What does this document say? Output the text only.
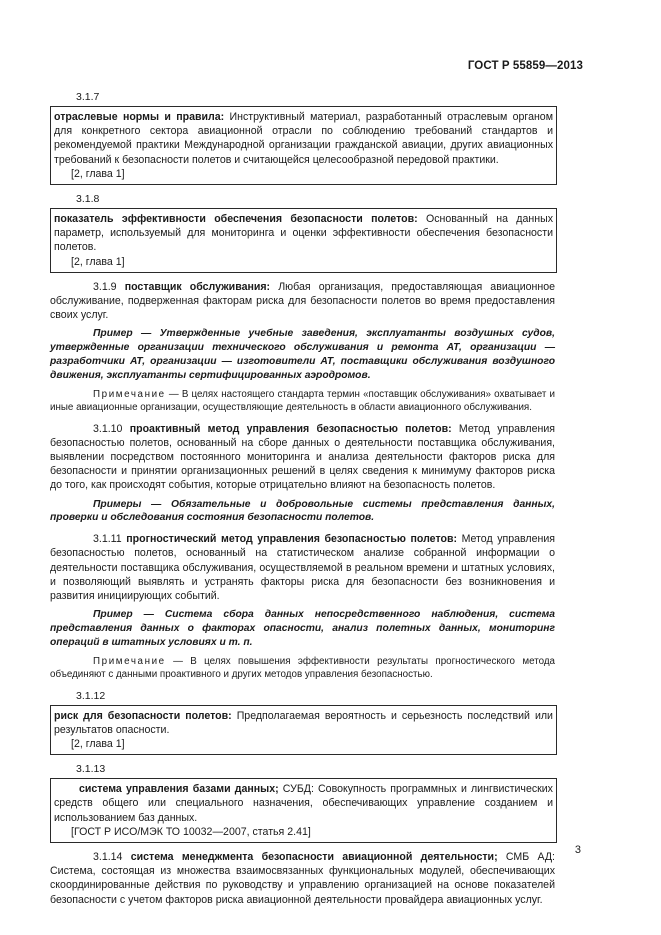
ГОСТ Р 55859—2013
3.1.7
отраслевые нормы и правила: Инструктивный материал, разработанный отраслевым органом для конкретного сектора авиационной отрасли по соблюдению требований стандартов и рекомендуемой практики Международной организации гражданской авиации, других авиационных требований к безопасности полетов и считающейся целесообразной передовой практики.
[2, глава 1]
3.1.8
показатель эффективности обеспечения безопасности полетов: Основанный на данных параметр, используемый для мониторинга и оценки эффективности обеспечения безопасности полетов.
[2, глава 1]
3.1.9 поставщик обслуживания: Любая организация, предоставляющая авиационное обслуживание, подверженная факторам риска для безопасности полетов во время предоставления своих услуг.
Пример — Утвержденные учебные заведения, эксплуатанты воздушных судов, утвержденные организации технического обслуживания и ремонта АТ, организации — разработчики АТ, организации — изготовители АТ, поставщики обслуживания воздушного движения, эксплуатанты сертифицированных аэродромов.
Примечание — В целях настоящего стандарта термин «поставщик обслуживания» охватывает и иные авиационные организации, осуществляющие деятельность в области авиационного обслуживания.
3.1.10 проактивный метод управления безопасностью полетов: Метод управления безопасностью полетов, основанный на сборе данных о деятельности поставщика обслуживания, выявлении посредством постоянного мониторинга и анализа деятельности факторов риска для безопасности и принятии организационных решений в целях сведения к минимуму факторов риска до того, как происходят события, которые отрицательно влияют на безопасность полетов.
Примеры — Обязательные и добровольные системы представления данных, проверки и обследования состояния безопасности полетов.
3.1.11 прогностический метод управления безопасностью полетов: Метод управления безопасностью полетов, основанный на статистическом анализе собранной информации о деятельности поставщика обслуживания, осуществляемой в реальном времени и штатных условиях, и позволяющий выявлять и устранять факторы риска для безопасности без возникновения и развития инициирующих событий.
Пример — Система сбора данных непосредственного наблюдения, система представления данных о факторах опасности, анализ полетных данных, мониторинг операций в штатных условиях и т. п.
Примечание — В целях повышения эффективности результаты прогностического метода объединяют с данными проактивного и других методов управления безопасностью.
3.1.12
риск для безопасности полетов: Предполагаемая вероятность и серьезность последствий или результатов опасности.
[2, глава 1]
3.1.13
система управления базами данных; СУБД: Совокупность программных и лингвистических средств общего или специального назначения, обеспечивающих управление созданием и использованием баз данных.
[ГОСТ Р ИСО/МЭК ТО 10032—2007, статья 2.41]
3.1.14 система менеджмента безопасности авиационной деятельности; СМБ АД: Система, состоящая из множества взаимосвязанных функциональных модулей, обеспечивающих скоординированные действия по руководству и управлению организацией на основе показателей безопасности с учетом факторов риска авиационной деятельности провайдера авиационных услуг.
3
